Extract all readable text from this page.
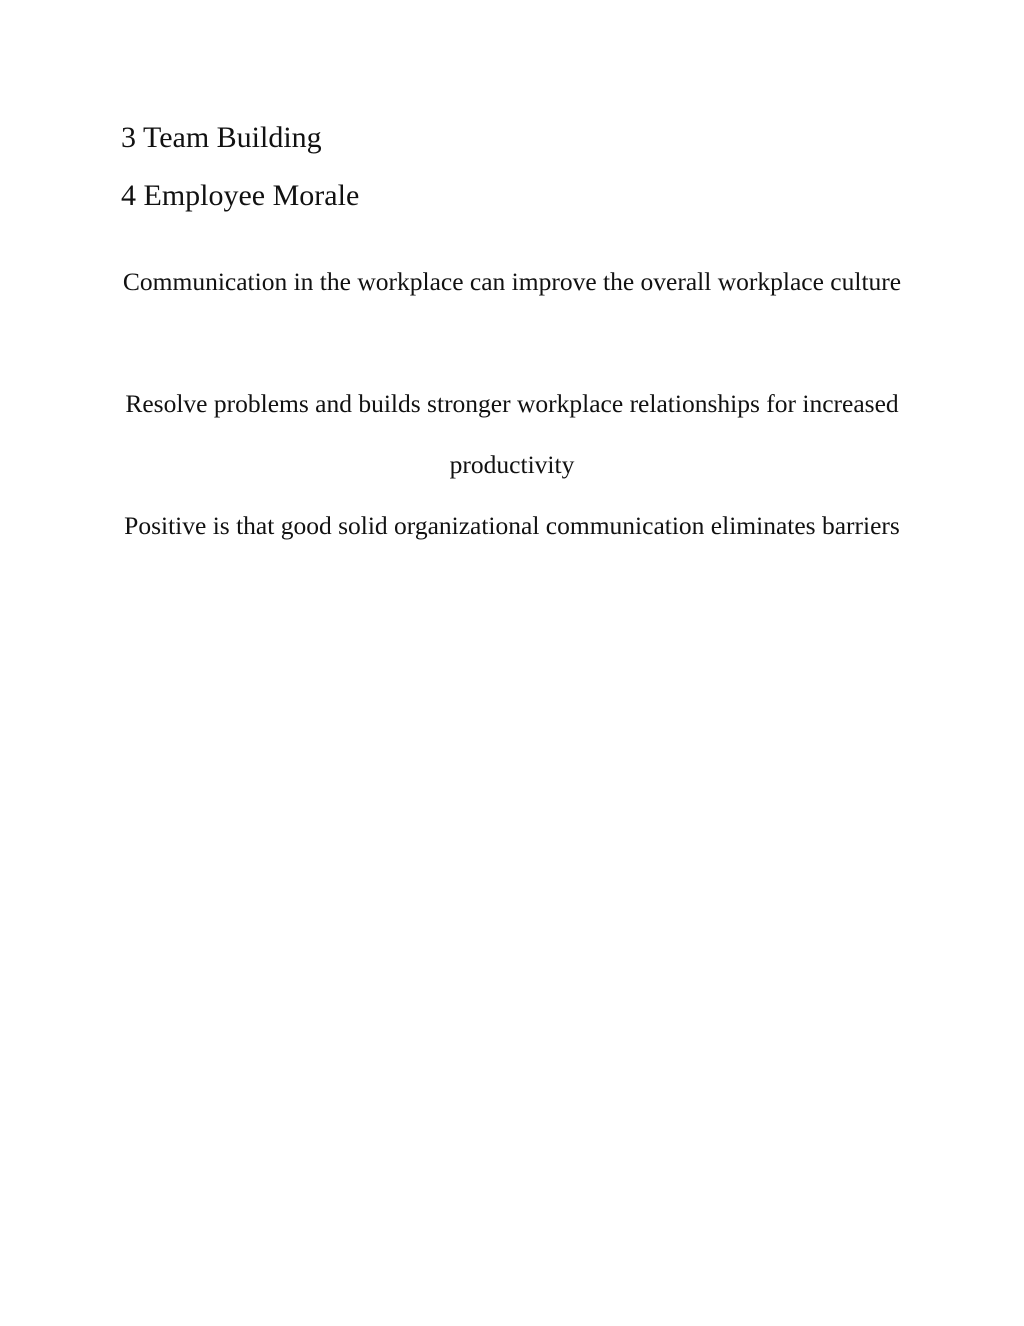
3 Team Building
4 Employee Morale

Communication in the workplace can improve the overall workplace culture

Resolve problems and builds stronger workplace relationships for increased productivity

Positive is that good solid organizational communication eliminates barriers
